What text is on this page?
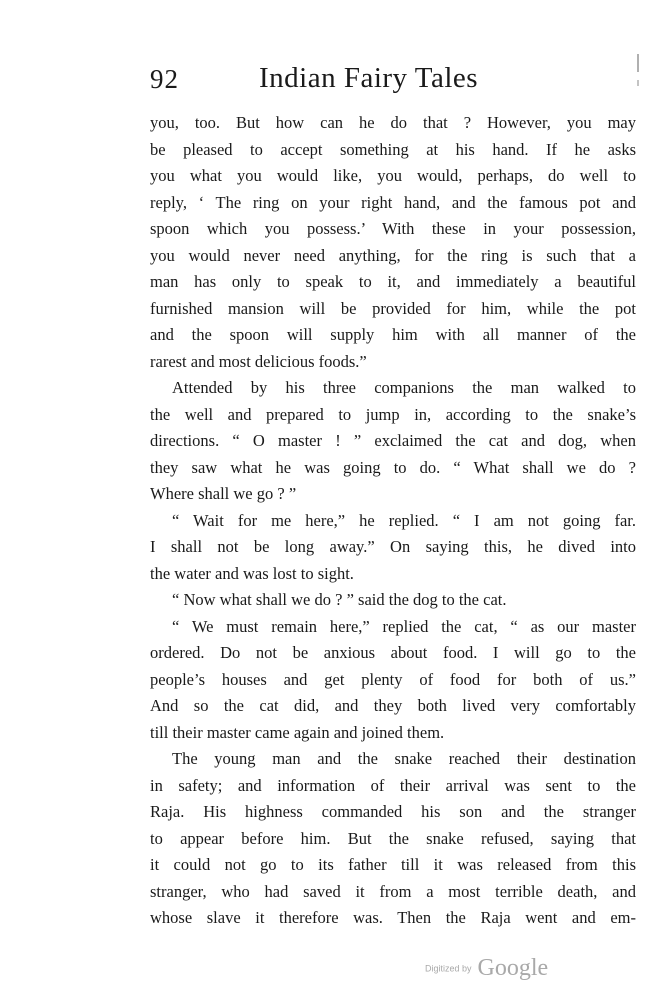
92	Indian Fairy Tales
you, too. But how can he do that ? However, you may
be pleased to accept something at his hand. If he asks
you what you would like, you would, perhaps, do well to
reply, ‘ The ring on your right hand, and the famous pot and
spoon which you possess.’ With these in your possession,
you would never need anything, for the ring is such that a
man has only to speak to it, and immediately a beautiful
furnished mansion will be provided for him, while the pot
and the spoon will supply him with all manner of the
rarest and most delicious foods.”
Attended by his three companions the man walked to
the well and prepared to jump in, according to the snake’s
directions. “ O master ! ” exclaimed the cat and dog, when
they saw what he was going to do. “ What shall we do ?
Where shall we go ? ”
“ Wait for me here,” he replied. “ I am not going far.
I shall not be long away.” On saying this, he dived into
the water and was lost to sight.
“ Now what shall we do ? ” said the dog to the cat.
“ We must remain here,” replied the cat, “ as our master
ordered. Do not be anxious about food. I will go to the
people’s houses and get plenty of food for both of us.”
And so the cat did, and they both lived very comfortably
till their master came again and joined them.
The young man and the snake reached their destination
in safety; and information of their arrival was sent to the
Raja. His highness commanded his son and the stranger
to appear before him. But the snake refused, saying that
it could not go to its father till it was released from this
stranger, who had saved it from a most terrible death, and
whose slave it therefore was. Then the Raja went and em-
Digitized by Google
